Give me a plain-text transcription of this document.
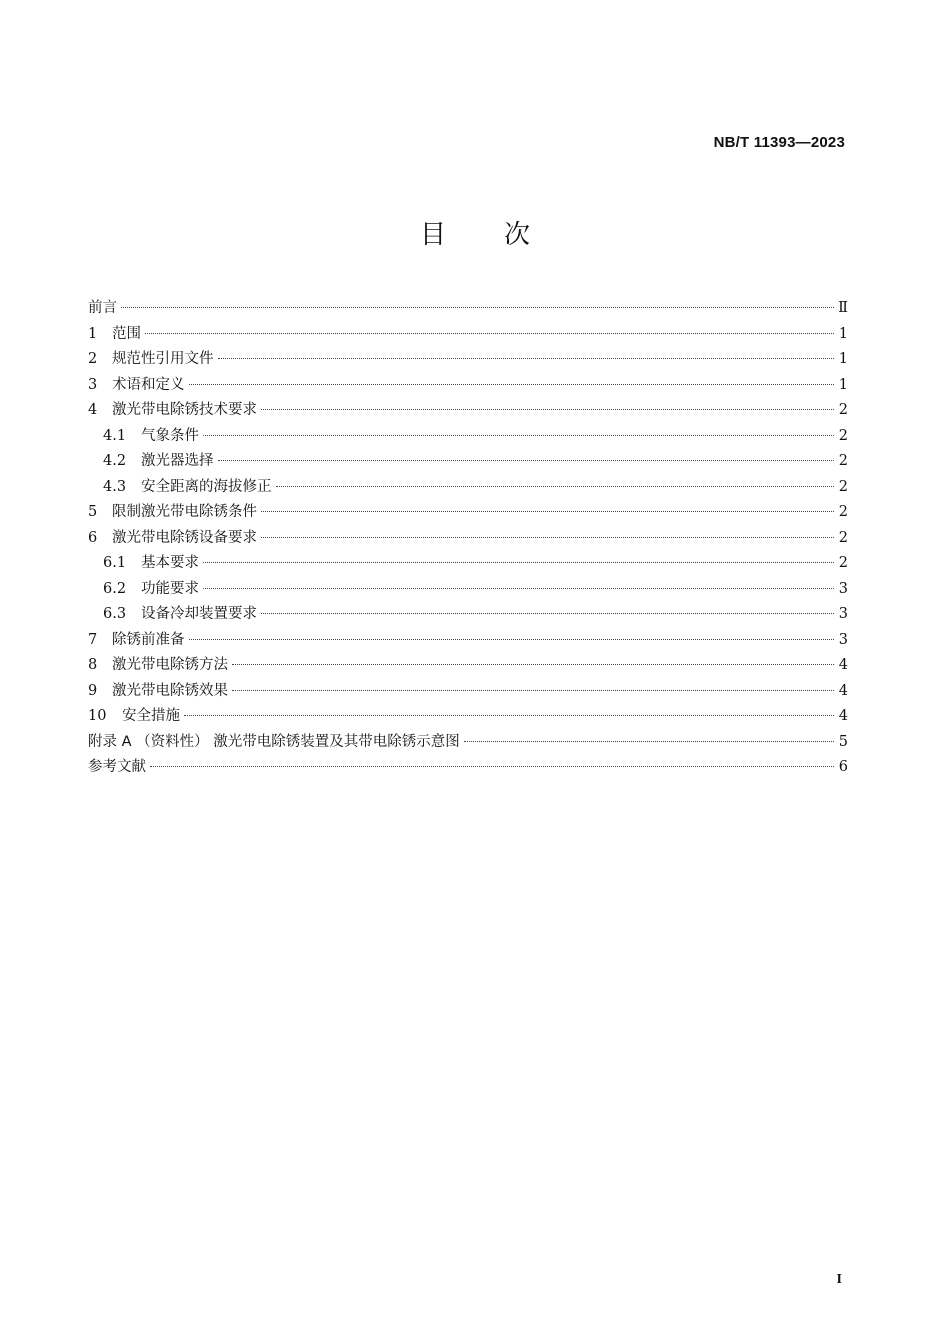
NB/T 11393—2023
目 次
前言	Ⅱ
1	范围	1
2	规范性引用文件	1
3	术语和定义	1
4	激光带电除锈技术要求	2
4.1	气象条件	2
4.2	激光器选择	2
4.3	安全距离的海拔修正	2
5	限制激光带电除锈条件	2
6	激光带电除锈设备要求	2
6.1	基本要求	2
6.2	功能要求	3
6.3	设备冷却装置要求	3
7	除锈前准备	3
8	激光带电除锈方法	4
9	激光带电除锈效果	4
10	安全措施	4
附录 A （资料性） 激光带电除锈装置及其带电除锈示意图	5
参考文献	6
I
